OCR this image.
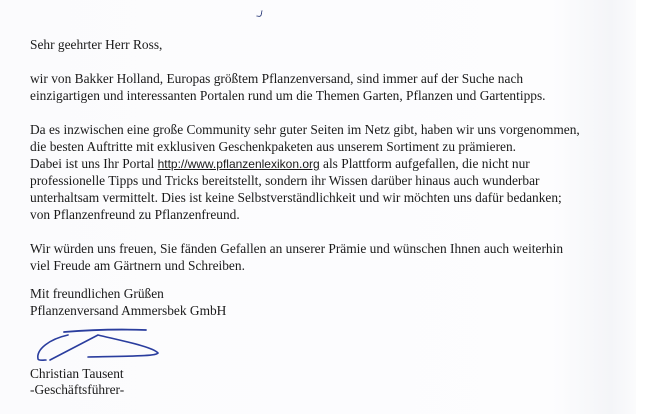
Sehr geehrter Herr Ross,
wir von Bakker Holland, Europas größtem Pflanzenversand, sind immer auf der Suche nach
einzigartigen und interessanten Portalen rund um die Themen Garten, Pflanzen und Gartentipps.
Da es inzwischen eine große Community sehr guter Seiten im Netz gibt, haben wir uns vorgenommen,
die besten Auftritte mit exklusiven Geschenkpaketen aus unserem Sortiment zu prämieren.
Dabei ist uns Ihr Portal http://www.pflanzenlexikon.org als Plattform aufgefallen, die nicht nur
professionelle Tipps und Tricks bereitstellt, sondern ihr Wissen darüber hinaus auch wunderbar
unterhaltsam vermittelt. Dies ist keine Selbstverständlichkeit und wir möchten uns dafür bedanken;
von Pflanzenfreund zu Pflanzenfreund.
Wir würden uns freuen, Sie fänden Gefallen an unserer Prämie und wünschen Ihnen auch weiterhin
viel Freude am Gärtnern und Schreiben.
Mit freundlichen Grüßen
Pflanzenversand Ammersbek GmbH
Christian Tausent
-Geschäftsführer-
